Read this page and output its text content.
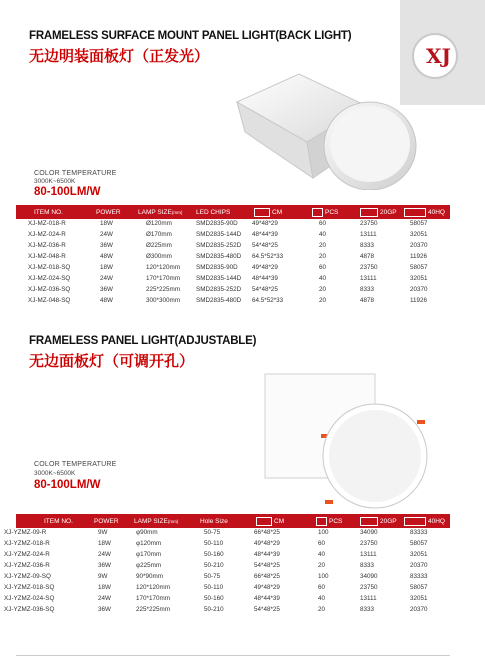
XJ
FRAMELESS SURFACE MOUNT PANEL LIGHT(BACK LIGHT)
无边明装面板灯（正发光）
COLOR TEMPERATURE
3000K~6500K
80-100LM/W
ITEM NO.	POWER	LAMP SIZE(mm) LED CHIPS	CM	PCS	20GP	40HQ
XJ-MZ-018-R	18W	Ø120mm	SMD2835-90D 49*48*29	60	23750	58057
XJ-MZ-024-R	24W	Ø170mm	SMD2835-144D 48*44*39	40	13111	32051
XJ-MZ-036-R	36W	Ø225mm	SMD2835-252D 54*48*25	20	8333	20370
XJ-MZ-048-R	48W	Ø300mm	SMD2835-480D 64.5*52*33	20	4878	11926
XJ-MZ-018-SQ	18W	120*120mm	SMD2835-90D 49*48*29	60	23750	58057
XJ-MZ-024-SQ	24W	170*170mm	SMD2835-144D 48*44*39	40	13111	32051
XJ-MZ-036-SQ	36W	225*225mm	SMD2835-252D 54*48*25	20	8333	20370
XJ-MZ-048-SQ	48W	300*300mm	SMD2835-480D 64.5*52*33	20	4878	11926
FRAMELESS PANEL LIGHT(ADJUSTABLE)
无边面板灯（可调开孔）
COLOR TEMPERATURE
3000K~6500K
80-100LM/W
ITEM NO.	POWER LAMP SIZE(mm)	Hole Size	CM	PCS	20GP	40HQ
XJ-YZMZ-09-R	9W	φ90mm	50-75	66*48*25	100	34090	83333
XJ-YZMZ-018-R	18W	φ120mm	50-110	49*48*29	60	23750	58057
XJ-YZMZ-024-R	24W	φ170mm	50-160	48*44*39	40	13111	32051
XJ-YZMZ-036-R	36W	φ225mm	50-210	54*48*25	20	8333	20370
XJ-YZMZ-09-SQ	9W	90*90mm	50-75	66*48*25	100	34090	83333
XJ-YZMZ-018-SQ	18W	120*120mm	50-110	49*48*29	60	23750	58057
XJ-YZMZ-024-SQ	24W	170*170mm	50-160	48*44*39	40	13111	32051
XJ-YZMZ-036-SQ	36W	225*225mm	50-210	54*48*25	20	8333	20370
